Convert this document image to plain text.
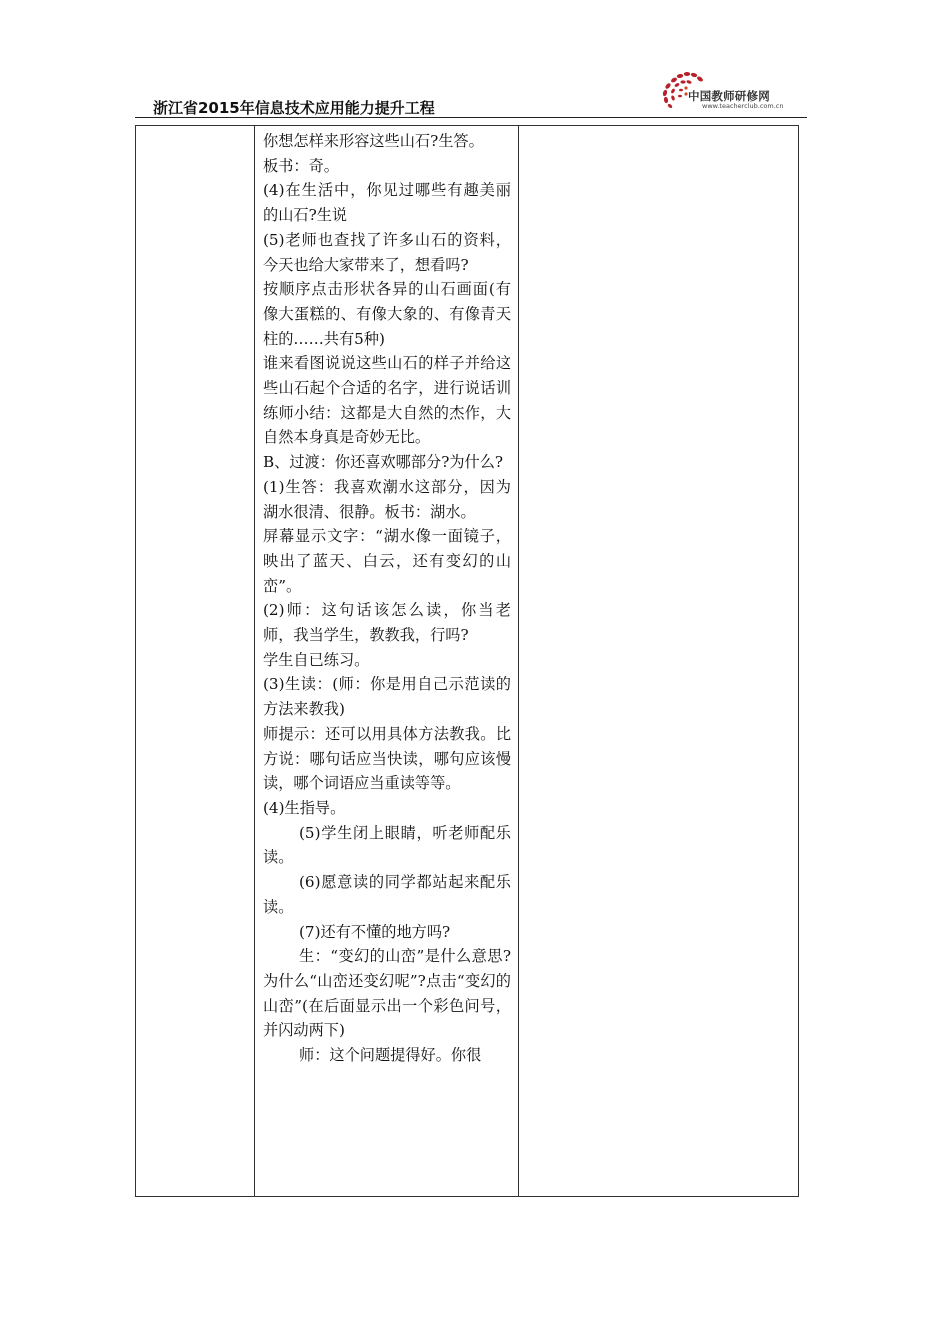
浙江省2015年信息技术应用能力提升工程
中国教师研修网
www.teacherclub.com.cn

你想怎样来形容这些山石?生答。

板书：奇。

(4)在生活中，你见过哪些有趣美丽的山石?生说

(5)老师也查找了许多山石的资料，今天也给大家带来了，想看吗?

按顺序点击形状各异的山石画面(有像大蛋糕的、有像大象的、有像青天柱的……共有5种)

谁来看图说说这些山石的样子并给这些山石起个合适的名字，进行说话训练师小结：这都是大自然的杰作，大自然本身真是奇妙无比。

B、过渡：你还喜欢哪部分?为什么?

(1)生答：我喜欢潮水这部分，因为湖水很清、很静。板书：湖水。

屏幕显示文字：“湖水像一面镜子，映出了蓝天、白云，还有变幻的山峦”。

(2)师：这句话该怎么读，你当老师，我当学生，教教我，行吗?

学生自已练习。

(3)生读：(师：你是用自己示范读的方法来教我)

师提示：还可以用具体方法教我。比方说：哪句话应当快读，哪句应该慢读，哪个词语应当重读等等。

(4)生指导。

(5)学生闭上眼睛，听老师配乐读。

(6)愿意读的同学都站起来配乐读。

(7)还有不懂的地方吗?

生：“变幻的山峦”是什么意思?为什么“山峦还变幻呢”?点击“变幻的山峦”(在后面显示出一个彩色问号，并闪动两下)

师：这个问题提得好。你很
